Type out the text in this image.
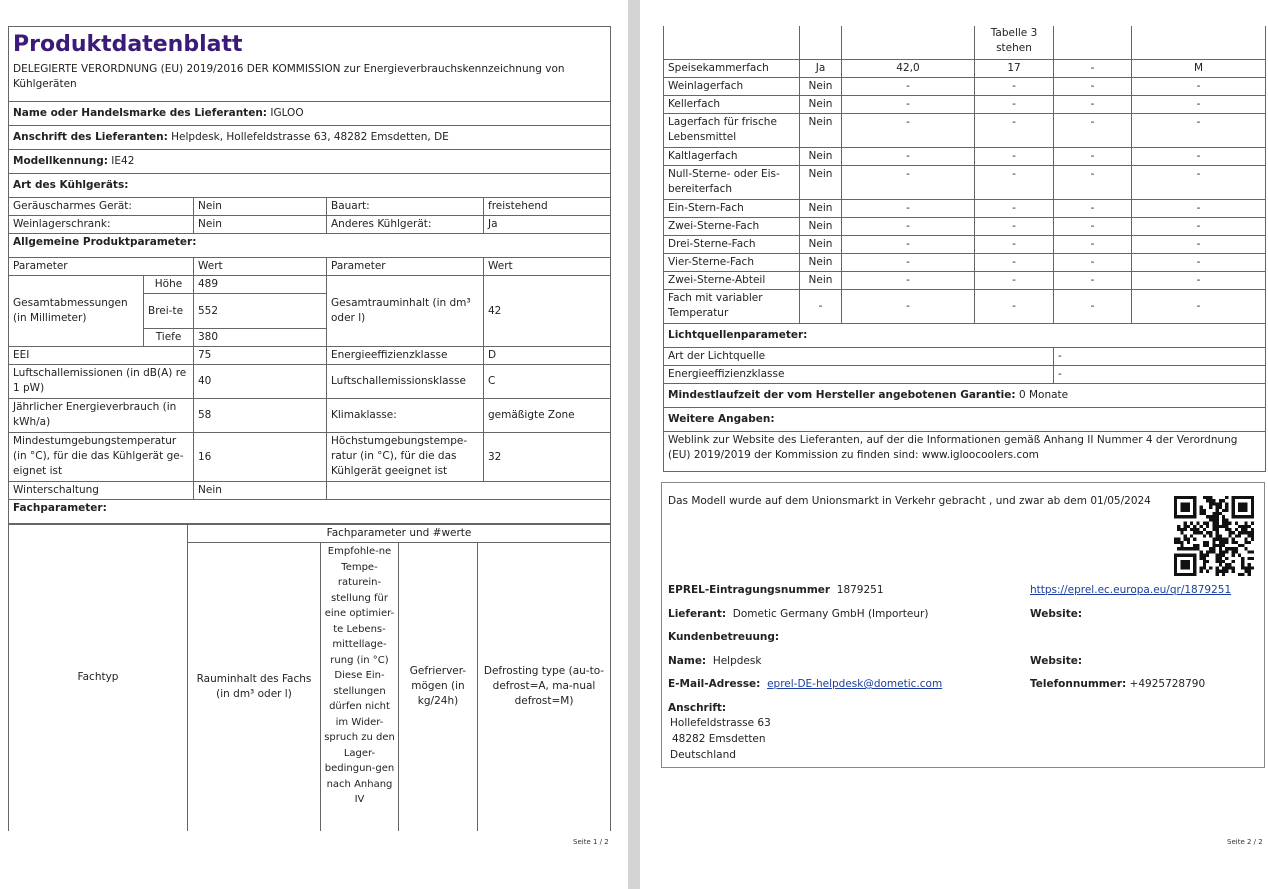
Produktdatenblatt
DELEGIERTE VERORDNUNG (EU) 2019/2016 DER KOMMISSION zur Energieverbrauchskennzeichnung von Kühlgeräten				

Name oder Handelsmarke des Lieferanten: IGLOO				
Anschrift des Lieferanten: Helpdesk, Hollefeldstrasse 63, 48282 Emsdetten, DE				
Modellkennung: IE42				
Art des Kühlgeräts:				
Geräuscharmes Gerät:		Nein	Bauart:	freistehend
Weinlagerschrank:		Nein	Anderes Kühlgerät:	Ja
Allgemeine Produktparameter:				
Parameter		Wert	Parameter	Wert
Gesamtabmessungen (in Millimeter)	Höhe	489	Gesamtrauminhalt (in dm³ oder l)	42
	Brei-te	552		
	Tiefe	380		
EEI		75	Energieeffizienzklasse	D
Luftschallemissionen (in dB(A) re 1 pW)		40	Luftschallemissionsklasse	C
Jährlicher Energieverbrauch (in kWh/a)		58	Klimaklasse:	gemäßigte Zone
Mindestumgebungstemperatur (in °C), für die das Kühlgerät ge-eignet ist		16	Höchstumgebungstempe-ratur (in °C), für die das Kühlgerät geeignet ist	32
Winterschaltung		Nein		
Fachparameter:				
Fachtyp	Fachparameter und #werte			
	Rauminhalt des Fachs (in dm³ oder l)	Empfohle-ne Tempe-raturein-stellung für eine optimier-te Lebens-mittellage-rung (in °C) Diese Ein-stellungen dürfen nicht im Wider-spruch zu den Lager-bedingun-gen nach Anhang IV	Gefrierver-mögen (in kg/24h)	Defrosting type (au-to-defrost=A, ma-nual defrost=M)
Seite 1 / 2
			Tabelle 3 stehen		
Speisekammerfach	Ja	42,0	17	-	M
Weinlagerfach	Nein	-	-	-	-
Kellerfach	Nein	-	-	-	-
Lagerfach für frische Lebensmittel	Nein	-	-	-	-
Kaltlagerfach	Nein	-	-	-	-
Null-Sterne- oder Eis-bereiterfach	Nein	-	-	-	-
Ein-Stern-Fach	Nein	-	-	-	-
Zwei-Sterne-Fach	Nein	-	-	-	-
Drei-Sterne-Fach	Nein	-	-	-	-
Vier-Sterne-Fach	Nein	-	-	-	-
Zwei-Sterne-Abteil	Nein	-	-	-	-
Fach mit variabler Temperatur	-	-	-	-	-
Lichtquellenparameter:					
Art der Lichtquelle				-	
Energieeffizienzklasse				-	
Mindestlaufzeit der vom Hersteller angebotenen Garantie: 0 Monate					
Weitere Angaben:					
Weblink zur Website des Lieferanten, auf der die Informationen gemäß Anhang II Nummer 4 der Verordnung (EU) 2019/2019 der Kommission zu finden sind: www.igloocoolers.com					
Das Modell wurde auf dem Unionsmarkt in Verkehr gebracht , und zwar ab dem 01/05/2024
EPREL-Eintragungsnummer 1879251	https://eprel.ec.europa.eu/qr/1879251
Lieferant: Dometic Germany GmbH (Importeur)	Website:
Kundenbetreuung:
Name: Helpdesk	Website:
E-Mail-Adresse: eprel-DE-helpdesk@dometic.com	Telefonnummer: +4925728790
Anschrift:
Hollefeldstrasse 63
48282 Emsdetten
Deutschland
Seite 2 / 2
